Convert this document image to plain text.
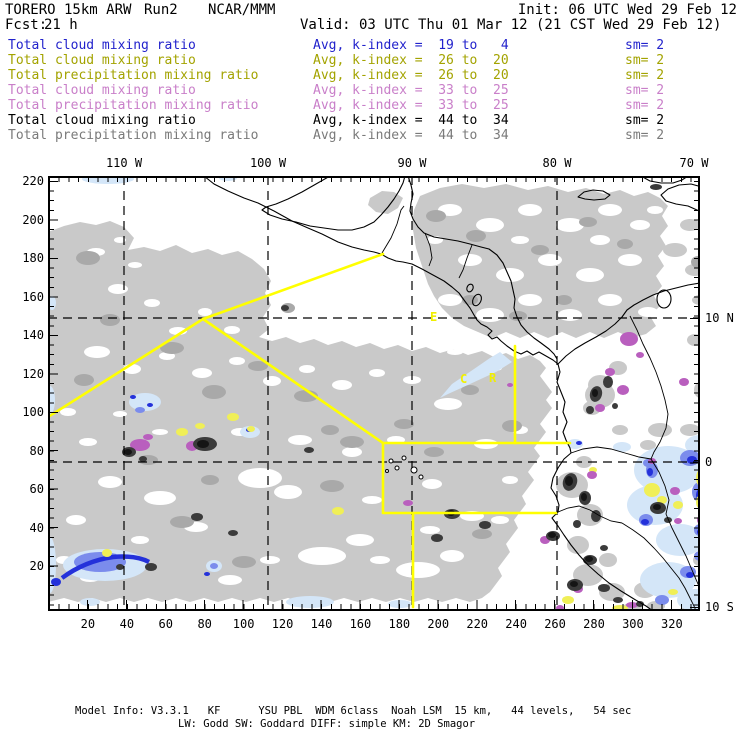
TORERO 15km ARW Run2 NCAR/MMM	Init: 06 UTC Wed 29 Feb 12
Fcst:
21 h	Valid: 03 UTC Thu 01 Mar 12 (21 CST Wed 29 Feb 12)
Total cloud mixing ratio	Avg, k-index =  19 to   4	sm= 2
Total cloud mixing ratio	Avg, k-index =  26 to  20	sm= 2
Total precipitation mixing ratio	Avg, k-index =  26 to  20	sm= 2
Total cloud mixing ratio	Avg, k-index =  33 to  25	sm= 2
Total precipitation mixing ratio	Avg, k-index =  33 to  25	sm= 2
Total cloud mixing ratio	Avg, k-index =  44 to  34	sm= 2
Total precipitation mixing ratio	Avg, k-index =  44 to  34	sm= 2
110 W	100 W	90 W	80 W	70 W
220
200
180
160
140
120
100
80
60
40
20
20 40 60 80 100 120 140 160 180 200 220 240 260 280 300 320
10 N
0
10 S
E
C R
Model Info: V3.3.1   KF      YSU PBL  WDM 6class  Noah LSM  15 km,   44 levels,   54 sec
LW: Godd SW: Goddard DIFF: simple KM: 2D Smagor
